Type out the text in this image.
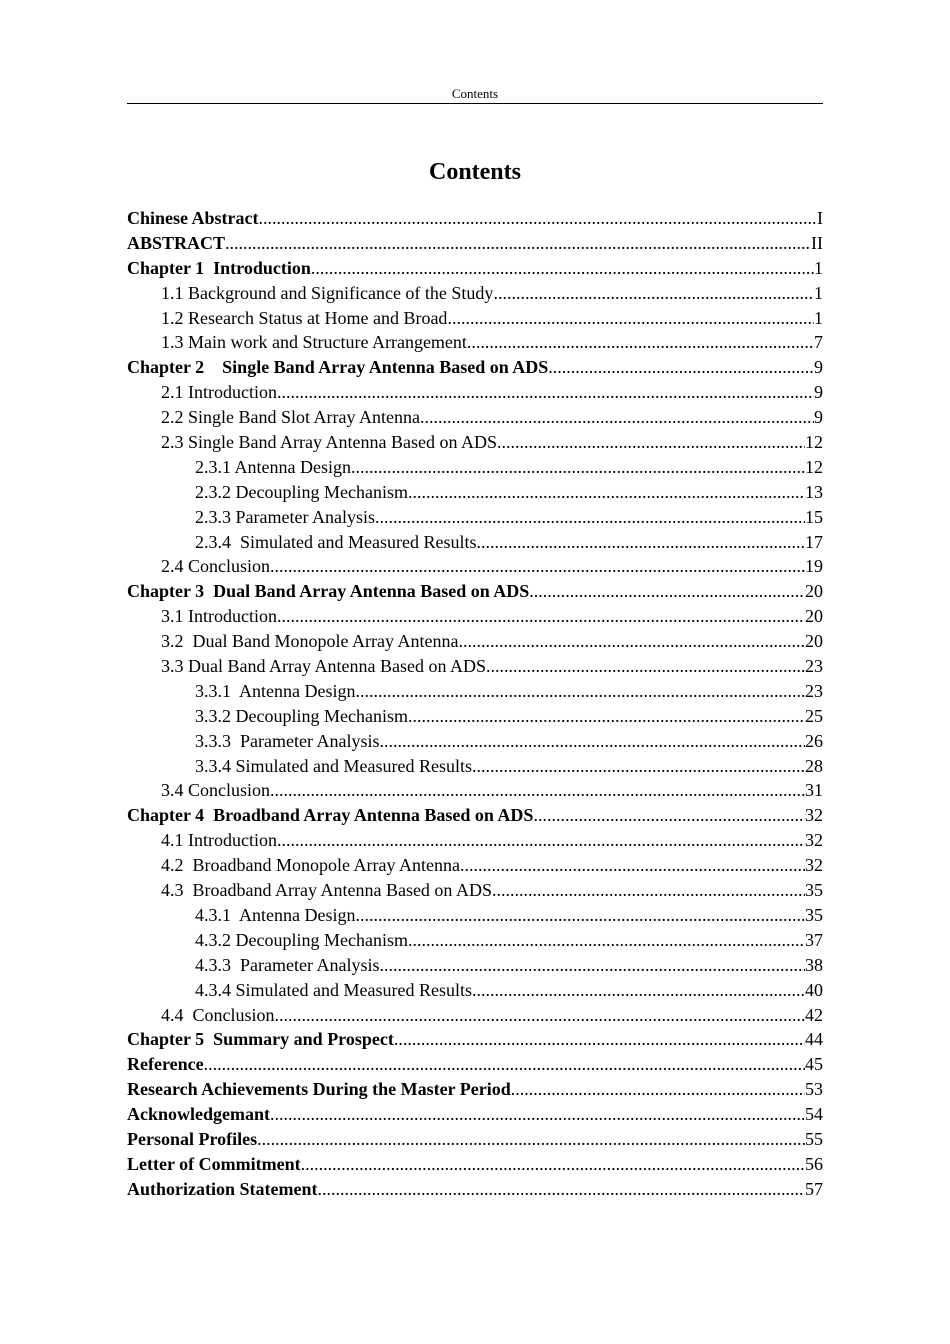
Contents
Contents
Chinese Abstract .....	I
ABSTRACT .....	II
Chapter 1  Introduction .....	1
1.1 Background and Significance of the Study .....	1
1.2 Research Status at Home and Broad .....	1
1.3 Main work and Structure Arrangement .....	7
Chapter 2    Single Band Array Antenna Based on ADS .....	9
2.1 Introduction .....	9
2.2 Single Band Slot Array Antenna .....	9
2.3 Single Band Array Antenna Based on ADS .....	12
2.3.1 Antenna Design .....	12
2.3.2 Decoupling Mechanism .....	13
2.3.3 Parameter Analysis .....	15
2.3.4  Simulated and Measured Results .....	17
2.4 Conclusion .....	19
Chapter 3  Dual Band Array Antenna Based on ADS .....	20
3.1 Introduction .....	20
3.2  Dual Band Monopole Array Antenna .....	20
3.3 Dual Band Array Antenna Based on ADS .....	23
3.3.1  Antenna Design .....	23
3.3.2 Decoupling Mechanism .....	25
3.3.3  Parameter Analysis .....	26
3.3.4 Simulated and Measured Results .....	28
3.4 Conclusion .....	31
Chapter 4  Broadband Array Antenna Based on ADS .....	32
4.1 Introduction .....	32
4.2  Broadband Monopole Array Antenna .....	32
4.3  Broadband Array Antenna Based on ADS .....	35
4.3.1  Antenna Design .....	35
4.3.2 Decoupling Mechanism .....	37
4.3.3  Parameter Analysis .....	38
4.3.4 Simulated and Measured Results .....	40
4.4  Conclusion .....	42
Chapter 5  Summary and Prospect .....	44
Reference .....	45
Research Achievements During the Master Period .....	53
Acknowledgemant .....	54
Personal Profiles .....	55
Letter of Commitment .....	56
Authorization Statement .....	57
